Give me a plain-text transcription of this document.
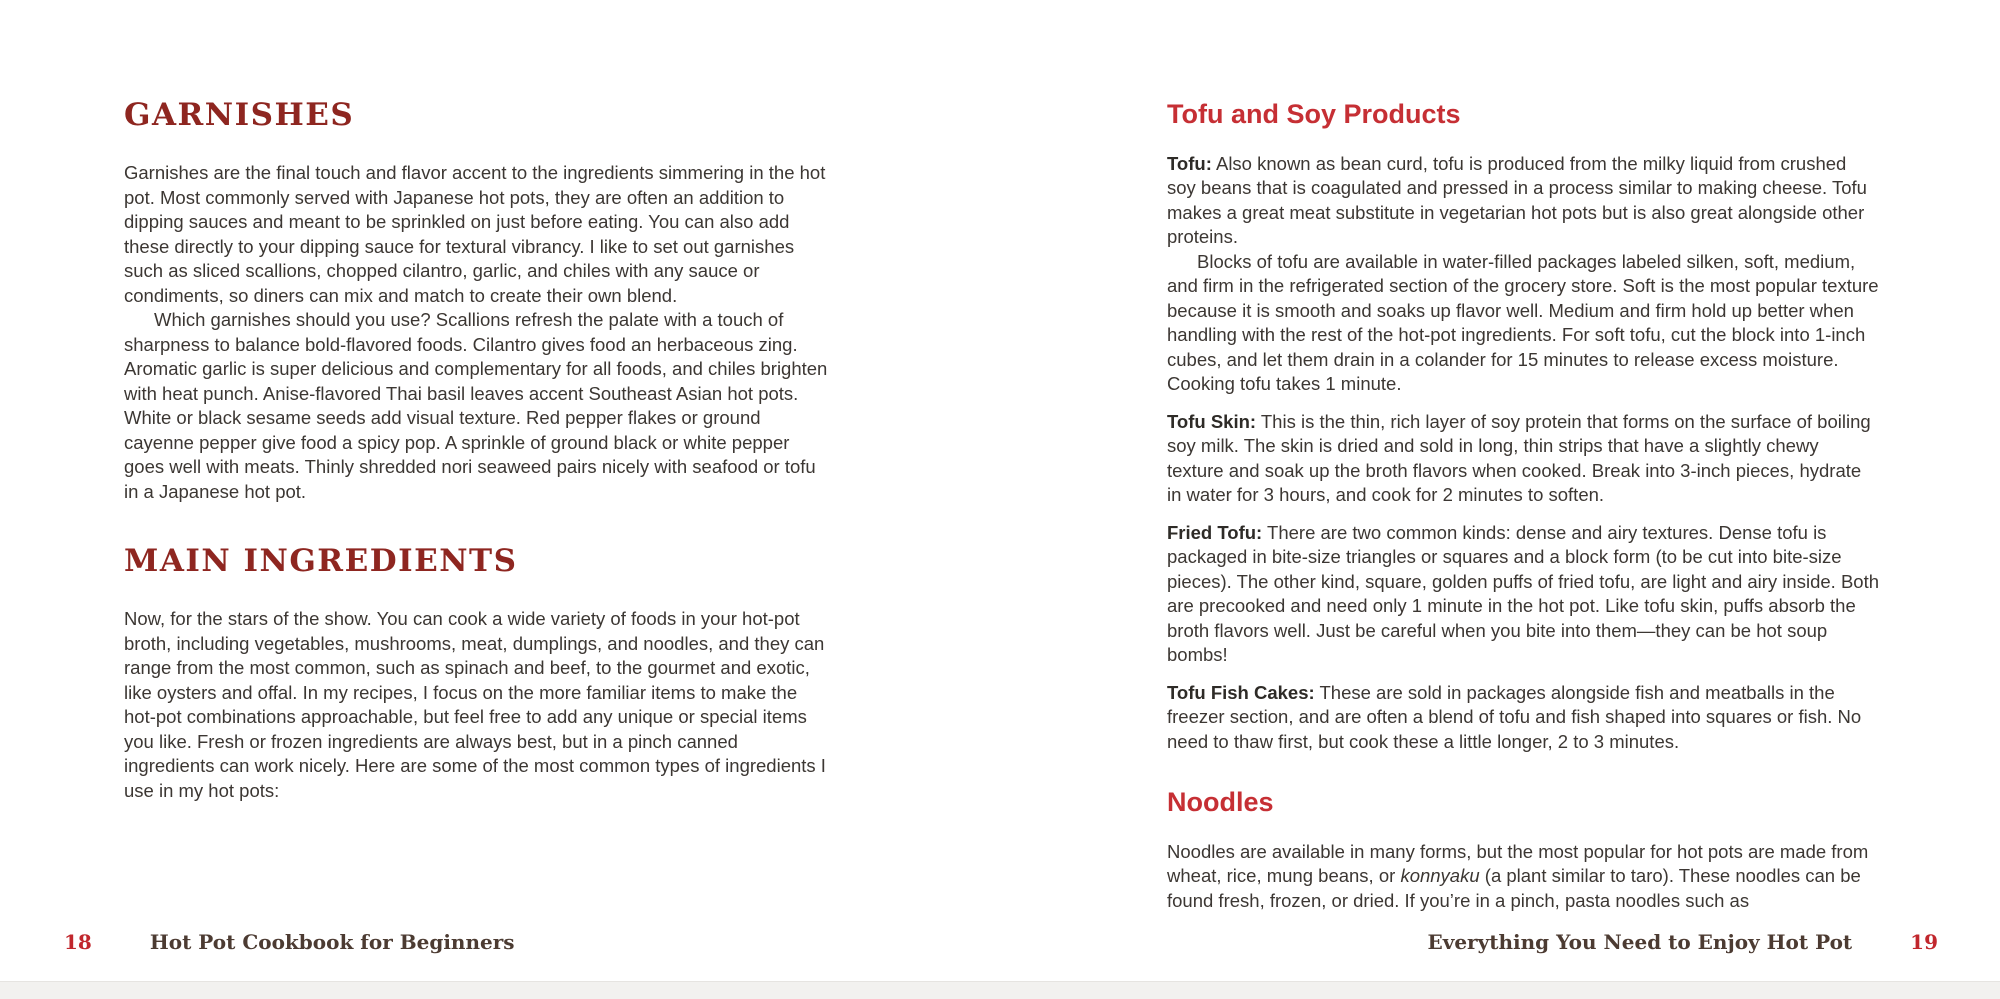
GARNISHES

Garnishes are the final touch and flavor accent to the ingredients simmering in the hot pot. Most commonly served with Japanese hot pots, they are often an addition to dipping sauces and meant to be sprinkled on just before eating. You can also add these directly to your dipping sauce for textural vibrancy. I like to set out garnishes such as sliced scallions, chopped cilantro, garlic, and chiles with any sauce or condiments, so diners can mix and match to create their own blend.

Which garnishes should you use? Scallions refresh the palate with a touch of sharpness to balance bold-flavored foods. Cilantro gives food an herbaceous zing. Aromatic garlic is super delicious and complementary for all foods, and chiles brighten with heat punch. Anise-flavored Thai basil leaves accent Southeast Asian hot pots. White or black sesame seeds add visual texture. Red pepper flakes or ground cayenne pepper give food a spicy pop. A sprinkle of ground black or white pepper goes well with meats. Thinly shredded nori seaweed pairs nicely with seafood or tofu in a Japanese hot pot.

MAIN INGREDIENTS

Now, for the stars of the show. You can cook a wide variety of foods in your hot-pot broth, including vegetables, mushrooms, meat, dumplings, and noodles, and they can range from the most common, such as spinach and beef, to the gourmet and exotic, like oysters and offal. In my recipes, I focus on the more familiar items to make the hot-pot combinations approachable, but feel free to add any unique or special items you like. Fresh or frozen ingredients are always best, but in a pinch canned ingredients can work nicely. Here are some of the most common types of ingredients I use in my hot pots:

Tofu and Soy Products

Tofu: Also known as bean curd, tofu is produced from the milky liquid from crushed soy beans that is coagulated and pressed in a process similar to making cheese. Tofu makes a great meat substitute in vegetarian hot pots but is also great alongside other proteins.

Blocks of tofu are available in water-filled packages labeled silken, soft, medium, and firm in the refrigerated section of the grocery store. Soft is the most popular texture because it is smooth and soaks up flavor well. Medium and firm hold up better when handling with the rest of the hot-pot ingredients. For soft tofu, cut the block into 1-inch cubes, and let them drain in a colander for 15 minutes to release excess moisture. Cooking tofu takes 1 minute.

Tofu Skin: This is the thin, rich layer of soy protein that forms on the surface of boiling soy milk. The skin is dried and sold in long, thin strips that have a slightly chewy texture and soak up the broth flavors when cooked. Break into 3-inch pieces, hydrate in water for 3 hours, and cook for 2 minutes to soften.

Fried Tofu: There are two common kinds: dense and airy textures. Dense tofu is packaged in bite-size triangles or squares and a block form (to be cut into bite-size pieces). The other kind, square, golden puffs of fried tofu, are light and airy inside. Both are precooked and need only 1 minute in the hot pot. Like tofu skin, puffs absorb the broth flavors well. Just be careful when you bite into them—they can be hot soup bombs!

Tofu Fish Cakes: These are sold in packages alongside fish and meatballs in the freezer section, and are often a blend of tofu and fish shaped into squares or fish. No need to thaw first, but cook these a little longer, 2 to 3 minutes.

Noodles

Noodles are available in many forms, but the most popular for hot pots are made from wheat, rice, mung beans, or konnyaku (a plant similar to taro). These noodles can be found fresh, frozen, or dried. If you’re in a pinch, pasta noodles such as

18	Hot Pot Cookbook for Beginners	Everything You Need to Enjoy Hot Pot	19
